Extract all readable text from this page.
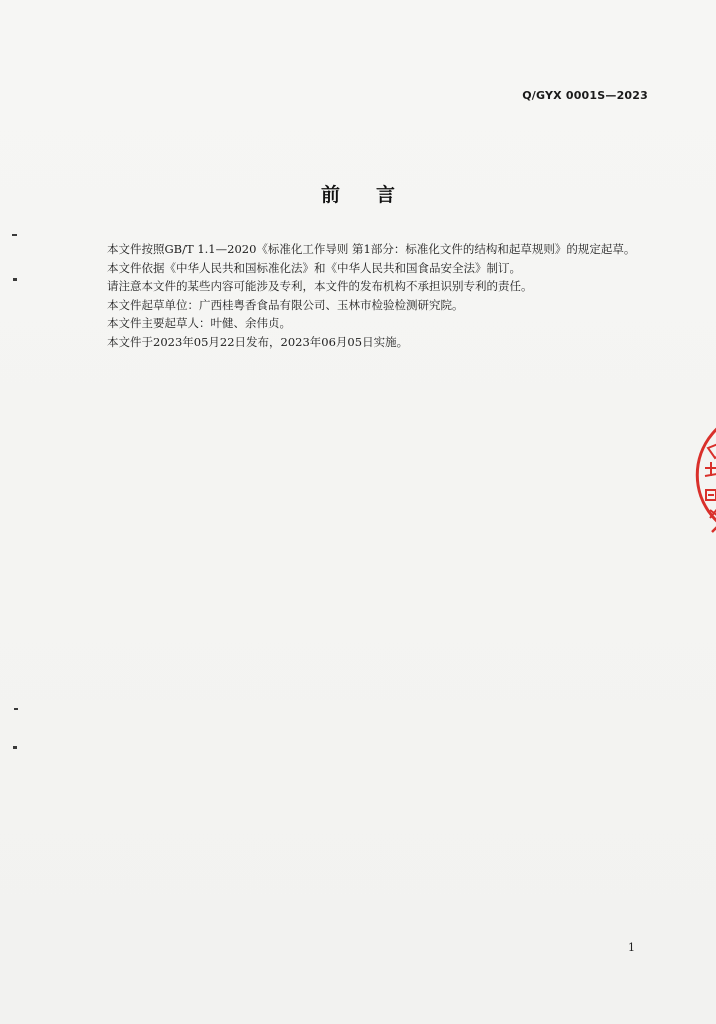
Q/GYX 0001S—2023
前言

本文件按照GB/T 1.1—2020《标准化工作导则 第1部分：标准化文件的结构和起草规则》的规定起草。

本文件依据《中华人民共和国标准化法》和《中华人民共和国食品安全法》制订。

请注意本文件的某些内容可能涉及专利，本文件的发布机构不承担识别专利的责任。

本文件起草单位：广西桂粤香食品有限公司、玉林市检验检测研究院。

本文件主要起草人：叶健、余伟贞。

本文件于2023年05月22日发布，2023年06月05日实施。

1
